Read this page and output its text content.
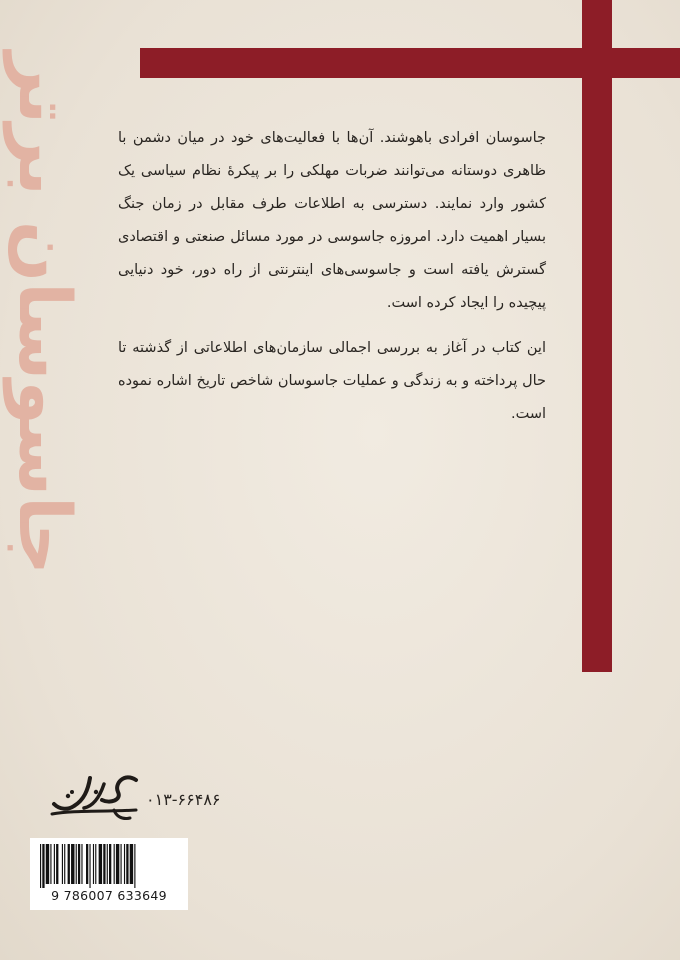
جاسوسان برتر جاسوسان افرادی باهوشند. آن‌ها با فعالیت‌های خود در میان دشمن با ظاهری دوستانه می‌توانند ضربات مهلکی را بر پیکرهٔ نظام سیاسی یک کشور وارد نمایند. دسترسی به اطلاعات طرف مقابل در زمان جنگ بسیار اهمیت دارد. امروزه جاسوسی در مورد مسائل صنعتی و اقتصادی گسترش یافته است و جاسوسی‌های اینترنتی از راه دور، خود دنیایی پیچیده را ایجاد کرده است.

این کتاب در آغاز به بررسی اجمالی سازمان‌های اطلاعاتی از گذشته تا حال پرداخته و به زندگی و عملیات جاسوسان شاخص تاریخ اشاره نموده است.

۰۱۳-۶۶۴۸۶
9 786007 633649
